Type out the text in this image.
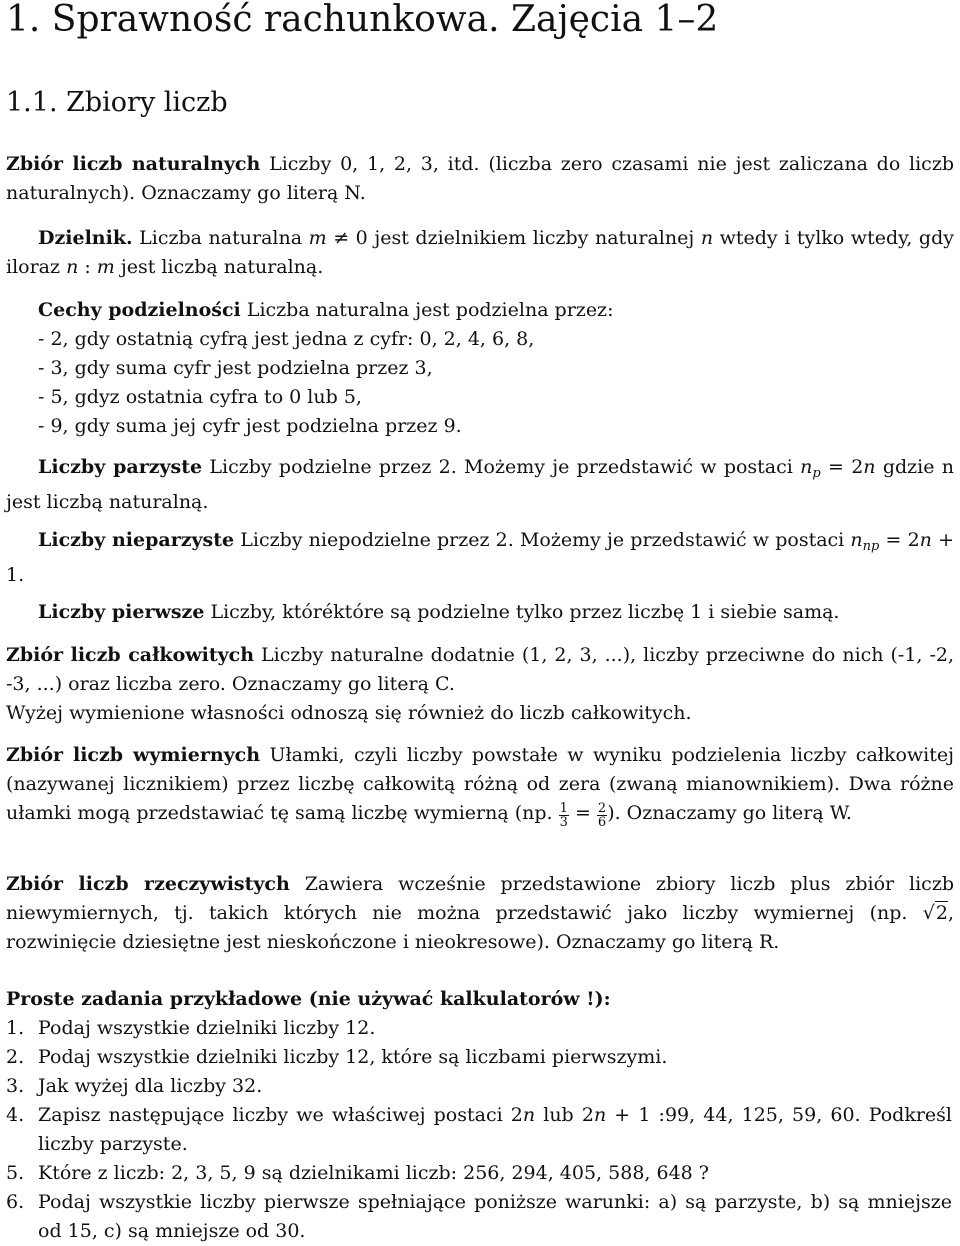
1. Sprawność rachunkowa. Zajęcia 1–2
1.1. Zbiory liczb
Zbiór liczb naturalnych Liczby 0, 1, 2, 3, itd. (liczba zero czasami nie jest zaliczana do liczb naturalnych). Oznaczamy go literą N.
Dzielnik. Liczba naturalna m ≠ 0 jest dzielnikiem liczby naturalnej n wtedy i tylko wtedy, gdy iloraz n : m jest liczbą naturalną.
Cechy podzielności Liczba naturalna jest podzielna przez:
- 2, gdy ostatnią cyfrą jest jedna z cyfr: 0, 2, 4, 6, 8,
- 3, gdy suma cyfr jest podzielna przez 3,
- 5, gdyz ostatnia cyfra to 0 lub 5,
- 9, gdy suma jej cyfr jest podzielna przez 9.
Liczby parzyste Liczby podzielne przez 2. Możemy je przedstawić w postaci $n_p = 2n$ gdzie n jest liczbą naturalną.
Liczby nieparzyste Liczby niepodzielne przez 2. Możemy je przedstawić w postaci $n_{np} = 2n + 1$.
Liczby pierwsze Liczby, któréktóre są podzielne tylko przez liczbę 1 i siebie samą.
Zbiór liczb całkowitych Liczby naturalne dodatnie (1, 2, 3, ...), liczby przeciwne do nich (-1, -2, -3, ...) oraz liczba zero. Oznaczamy go literą C.
Wyżej wymienione własności odnoszą się również do liczb całkowitych.
Zbiór liczb wymiernych Ułamki, czyli liczby powstałe w wyniku podzielenia liczby całkowitej (nazywanej licznikiem) przez liczbę całkowitą różną od zera (zwaną mianownikiem). Dwa różne ułamki mogą przedstawiać tę samą liczbę wymierną (np. $\frac{1}{3} = \frac{2}{6}$ ). Oznaczamy go literą W.
Zbiór liczb rzeczywistych Zawiera wcześnie przedstawione zbiory liczb plus zbiór liczb niewymiernych, tj. takich których nie można przedstawić jako liczby wymiernej (np. √2, rozwinięcie dziesiętne jest nieskończone i nieokresowe). Oznaczamy go literą R.
Proste zadania przykładowe (nie używać kalkulatorów !):
1. Podaj wszystkie dzielniki liczby 12.
2. Podaj wszystkie dzielniki liczby 12, które są liczbami pierwszymi.
3. Jak wyżej dla liczby 32.
4. Zapisz następujące liczby we właściwej postaci 2n lub 2n + 1 :99, 44, 125, 59, 60. Podkreśl liczby parzyste.
5. Które z liczb: 2, 3, 5, 9 są dzielnikami liczb: 256, 294, 405, 588, 648 ?
6. Podaj wszystkie liczby pierwsze spełniające poniższe warunki: a) są parzyste, b) są mniejsze od 15, c) są mniejsze od 30.
